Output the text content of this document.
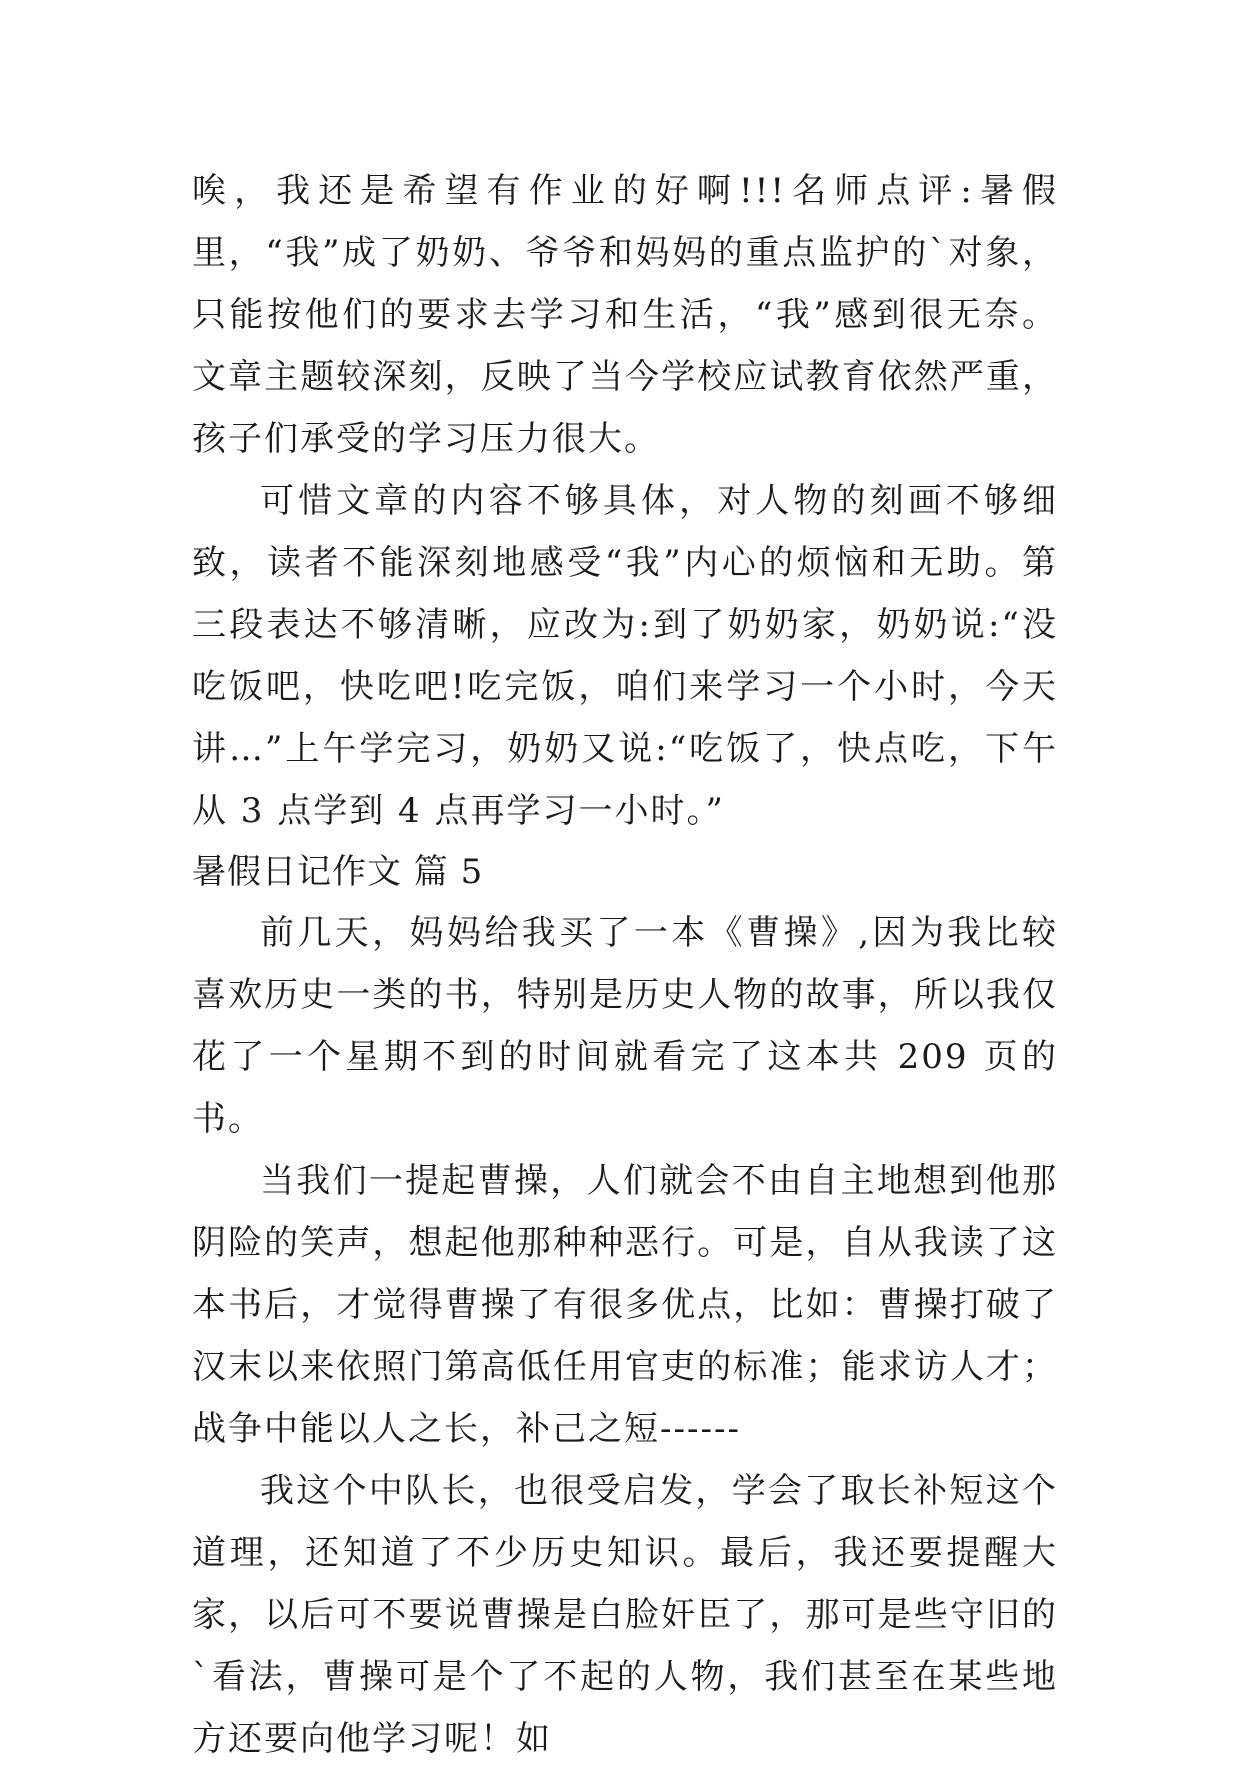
唉，我还是希望有作业的好啊!!!名师点评:暑假里，“我”成了奶奶、爷爷和妈妈的重点监护的`对象，只能按他们的要求去学习和生活，“我”感到很无奈。文章主题较深刻，反映了当今学校应试教育依然严重，孩子们承受的学习压力很大。

可惜文章的内容不够具体，对人物的刻画不够细致，读者不能深刻地感受“我”内心的烦恼和无助。第三段表达不够清晰，应改为:到了奶奶家，奶奶说:“没吃饭吧，快吃吧!吃完饭，咱们来学习一个小时，今天讲…”上午学完习，奶奶又说:“吃饭了，快点吃，下午从 3 点学到 4 点再学习一小时。”

暑假日记作文 篇 5

前几天，妈妈给我买了一本《曹操》,因为我比较喜欢历史一类的书，特别是历史人物的故事，所以我仅花了一个星期不到的时间就看完了这本共 209 页的书。

当我们一提起曹操，人们就会不由自主地想到他那阴险的笑声，想起他那种种恶行。可是，自从我读了这本书后，才觉得曹操了有很多优点，比如：曹操打破了汉末以来依照门第高低任用官吏的标准；能求访人才；战争中能以人之长，补己之短------

我这个中队长，也很受启发，学会了取长补短这个道理，还知道了不少历史知识。最后，我还要提醒大家，以后可不要说曹操是白脸奸臣了，那可是些守旧的`看法，曹操可是个了不起的人物，我们甚至在某些地方还要向他学习呢！如
